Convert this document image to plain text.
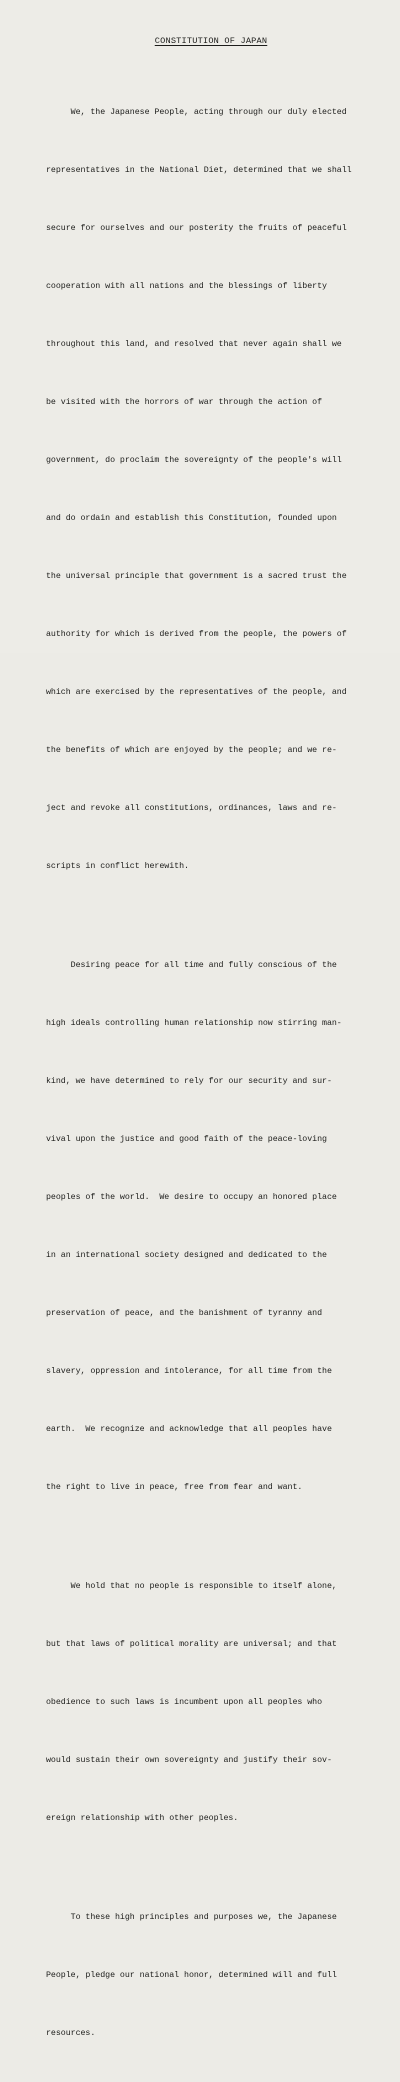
CONSTITUTION OF JAPAN

We, the Japanese People, acting through our duly elected

representatives in the National Diet, determined that we shall

secure for ourselves and our posterity the fruits of peaceful

cooperation with all nations and the blessings of liberty

throughout this land, and resolved that never again shall we

be visited with the horrors of war through the action of

government, do proclaim the sovereignty of the people's will

and do ordain and establish this Constitution, founded upon

the universal principle that government is a sacred trust the

authority for which is derived from the people, the powers of

which are exercised by the representatives of the people, and

the benefits of which are enjoyed by the people; and we re-

ject and revoke all constitutions, ordinances, laws and re-

scripts in conflict herewith.

Desiring peace for all time and fully conscious of the

high ideals controlling human relationship now stirring man-

kind, we have determined to rely for our security and sur-

vival upon the justice and good faith of the peace-loving

peoples of the world.  We desire to occupy an honored place

in an international society designed and dedicated to the

preservation of peace, and the banishment of tyranny and

slavery, oppression and intolerance, for all time from the

earth.  We recognize and acknowledge that all peoples have

the right to live in peace, free from fear and want.

We hold that no people is responsible to itself alone,

but that laws of political morality are universal; and that

obedience to such laws is incumbent upon all peoples who

would sustain their own sovereignty and justify their sov-

ereign relationship with other peoples.

To these high principles and purposes we, the Japanese

People, pledge our national honor, determined will and full

resources.
